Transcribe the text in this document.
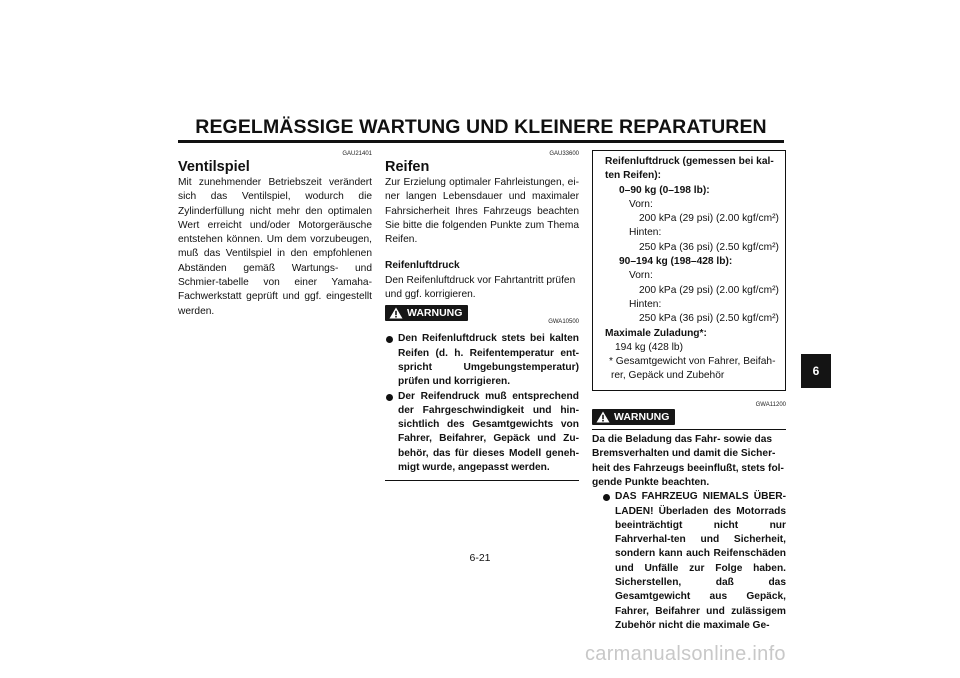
REGELMÄSSIGE WARTUNG UND KLEINERE REPARATUREN
GAU21401
Ventilspiel
Mit zunehmender Betriebszeit verändert sich das Ventilspiel, wodurch die Zylinderfüllung nicht mehr den optimalen Wert erreicht und/oder Motorgeräusche entstehen können. Um dem vorzubeugen, muß das Ventilspiel in den empfohlenen Abständen gemäß Wartungs- und Schmier-tabelle von einer Yamaha-Fachwerkstatt geprüft und ggf. eingestellt werden.
GAU33600
Reifen
Zur Erzielung optimaler Fahrleistungen, ei-ner langen Lebensdauer und maximaler Fahrsicherheit Ihres Fahrzeugs beachten Sie bitte die folgenden Punkte zum Thema Reifen.
Reifenluftdruck
Den Reifenluftdruck vor Fahrtantritt prüfen und ggf. korrigieren.
WARNUNG
GWA10500
Den Reifenluftdruck stets bei kalten Reifen (d. h. Reifentemperatur ent-spricht Umgebungstemperatur) prüfen und korrigieren.
Der Reifendruck muß entsprechend der Fahrgeschwindigkeit und hin-sichtlich des Gesamtgewichts von Fahrer, Beifahrer, Gepäck und Zu-behör, das für dieses Modell geneh-migt wurde, angepasst werden.
Reifenluftdruck (gemessen bei kal-ten Reifen):
0–90 kg (0–198 lb):
Vorn:
200 kPa (29 psi) (2.00 kgf/cm²)
Hinten:
250 kPa (36 psi) (2.50 kgf/cm²)
90–194 kg (198–428 lb):
Vorn:
200 kPa (29 psi) (2.00 kgf/cm²)
Hinten:
250 kPa (36 psi) (2.50 kgf/cm²)
Maximale Zuladung*:
194 kg (428 lb)
* Gesamtgewicht von Fahrer, Beifah-rer, Gepäck und Zubehör
GWA11200
WARNUNG
Da die Beladung das Fahr- sowie das Bremsverhalten und damit die Sicher-heit des Fahrzeugs beeinflußt, stets fol-gende Punkte beachten.
DAS FAHRZEUG NIEMALS ÜBER-LADEN! Überladen des Motorrads beeinträchtigt nicht nur Fahrverhal-ten und Sicherheit, sondern kann auch Reifenschäden und Unfälle zur Folge haben. Sicherstellen, daß das Gesamtgewicht aus Gepäck, Fahrer, Beifahrer und zulässigem Zubehör nicht die maximale Ge-
6
6-21
carmanualsonline.info
